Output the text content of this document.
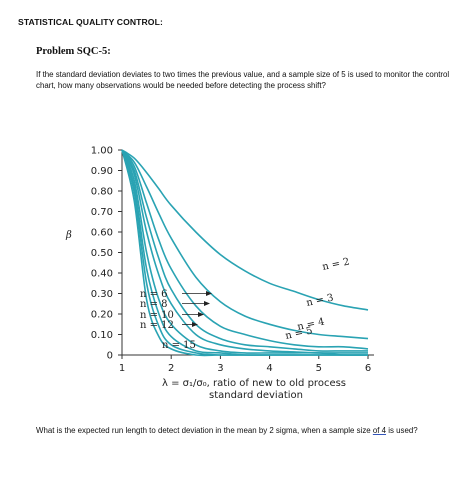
STATISTICAL QUALITY CONTROL:
Problem SQC-5:
If the standard deviation deviates to two times the previous value, and a sample size of 5 is used to monitor the control chart, how many observations would be needed before detecting the process shift?
0
0.10
0.20
0.30
0.40
0.50
0.60
0.70
0.80
0.90
1.00
1	2	3	4	5	6
β
λ = σ₁/σ₀, ratio of new to old process
standard deviation
n = 2
n = 3
n = 4
n = 5
n = 6
n = 8
n = 10
n = 12
n = 15
What is the expected run length to detect deviation in the mean by 2 sigma, when a sample size of 4 is used?
